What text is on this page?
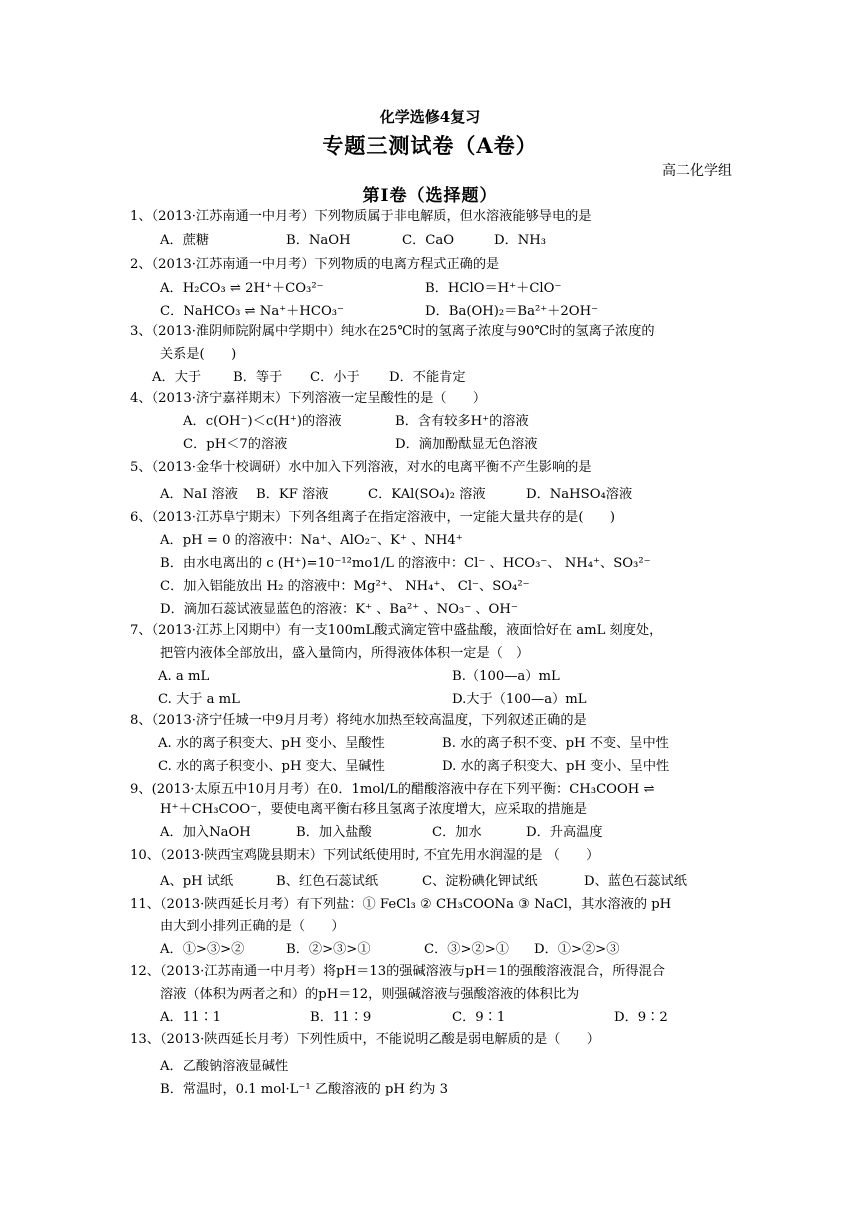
化学选修4复习
专题三测试卷（A卷）
高二化学组
第Ⅰ卷（选择题）
1、（2013·江苏南通一中月考）下列物质属于非电解质，但水溶液能够导电的是
A．蔗糖	B．NaOH	C．CaO	D．NH₃
2、（2013·江苏南通一中月考）下列物质的电离方程式正确的是
A．H₂CO₃ ⇌ 2H⁺＋CO₃²⁻	B．HClO＝H⁺＋ClO⁻
C．NaHCO₃ ⇌ Na⁺＋HCO₃⁻	D．Ba(OH)₂＝Ba²⁺＋2OH⁻
3、（2013·淮阴师院附属中学期中）纯水在25℃时的氢离子浓度与90℃时的氢离子浓度的
关系是(　　)
A．大于 B．等于 C．小于 D．不能肯定
4、（2013·济宁嘉祥期末）下列溶液一定呈酸性的是（　　）
A．c(OH⁻)＜c(H⁺)的溶液	B．含有较多H⁺的溶液
C．pH＜7的溶液	D．滴加酚酞显无色溶液
5、（2013·金华十校调研）水中加入下列溶液，对水的电离平衡不产生影响的是
A．NaI 溶液 B．KF 溶液	C．KAl(SO₄)₂ 溶液	D．NaHSO₄溶液
6、（2013·江苏阜宁期末）下列各组离子在指定溶液中，一定能大量共存的是(　　)
A．pH = 0 的溶液中：Na⁺、AlO₂⁻、K⁺ 、NH4⁺
B．由水电离出的 c (H⁺)=10⁻¹²mo1/L 的溶液中：Cl⁻ 、HCO₃⁻、 NH₄⁺、SO₃²⁻
C．加入铝能放出 H₂ 的溶液中：Mg²⁺、 NH₄⁺、 Cl⁻、SO₄²⁻
D．滴加石蕊试液显蓝色的溶液：K⁺ 、Ba²⁺ 、NO₃⁻ 、OH⁻
7、（2013·江苏上冈期中）有一支100mL酸式滴定管中盛盐酸，液面恰好在 amL 刻度处，
把管内液体全部放出，盛入量筒内，所得液体体积一定是（　）
A. a mL	B.（100—a）mL
C. 大于 a mL	D.大于（100—a）mL
8、（2013·济宁任城一中9月月考）将纯水加热至较高温度，下列叙述正确的是
A. 水的离子积变大、pH 变小、呈酸性	B. 水的离子积不变、pH 不变、呈中性
C. 水的离子积变小、pH 变大、呈碱性	D. 水的离子积变大、pH 变小、呈中性
9、(2013·太原五中10月月考）在0．1mol/L的醋酸溶液中存在下列平衡：CH₃COOH ⇌
H⁺＋CH₃COO⁻，要使电离平衡右移且氢离子浓度增大，应采取的措施是
A．加入NaOH	B．加入盐酸	C．加水	D．升高温度
10、（2013·陕西宝鸡陇县期末）下列试纸使用时, 不宜先用水润湿的是 （　　）
A、pH 试纸	B、红色石蕊试纸	C、淀粉碘化钾试纸	D、蓝色石蕊试纸
11、（2013·陕西延长月考）有下列盐：① FeCl₃ ② CH₃COONa ③ NaCl，其水溶液的 pH
由大到小排列正确的是（　　）
A．①>③>②	B．②>③>①	C．③>②>① D．①>②>③
12、（2013·江苏南通一中月考）将pH＝13的强碱溶液与pH＝1的强酸溶液混合，所得混合
溶液（体积为两者之和）的pH＝12，则强碱溶液与强酸溶液的体积比为
A．11∶1	B．11∶9	C．9∶1	D．9∶2
13、（2013·陕西延长月考）下列性质中，不能说明乙酸是弱电解质的是（　　）
A．乙酸钠溶液显碱性
B．常温时，0.1 mol·L⁻¹ 乙酸溶液的 pH 约为 3
